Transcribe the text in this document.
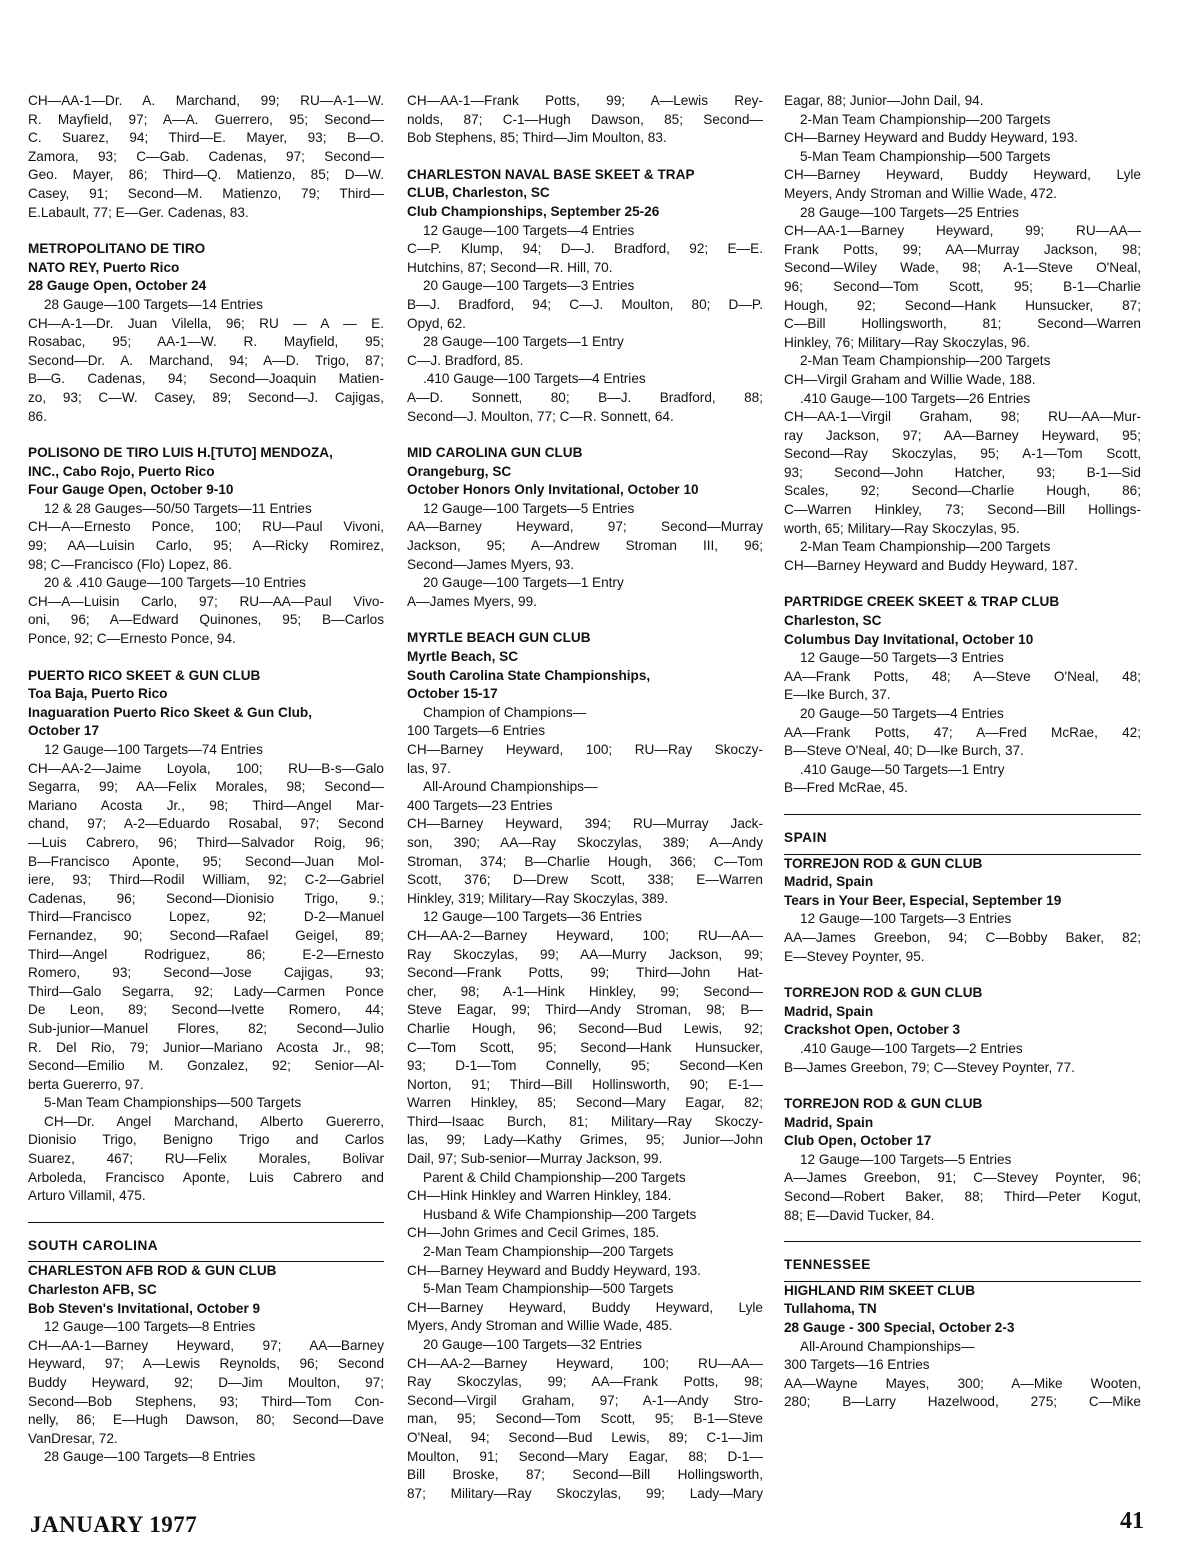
CH—AA-1—Dr. A. Marchand, 99; RU—A-1—W.
R. Mayfield, 97; A—A. Guerrero, 95; Second—
C. Suarez, 94; Third—E. Mayer, 93; B—O.
Zamora, 93; C—Gab. Cadenas, 97; Second—
Geo. Mayer, 86; Third—Q. Matienzo, 85; D—W.
Casey, 91; Second—M. Matienzo, 79; Third—
E.Labault, 77; E—Ger. Cadenas, 83.
METROPOLITANO DE TIRO
NATO REY, Puerto Rico
28 Gauge Open, October 24
28 Gauge—100 Targets—14 Entries
CH—A-1—Dr. Juan Vilella, 96; RU — A — E.
Rosabac, 95; AA-1—W. R. Mayfield, 95;
Second—Dr. A. Marchand, 94; A—D. Trigo, 87;
B—G. Cadenas, 94; Second—Joaquin Matien-
zo, 93; C—W. Casey, 89; Second—J. Cajigas,
86.
POLISONO DE TIRO LUIS H.[TUTO] MENDOZA,
INC., Cabo Rojo, Puerto Rico
Four Gauge Open, October 9-10
12 & 28 Gauges—50/50 Targets—11 Entries
CH—A—Ernesto Ponce, 100; RU—Paul Vivoni,
99; AA—Luisin Carlo, 95; A—Ricky Romirez,
98; C—Francisco (Flo) Lopez, 86.
20 & .410 Gauge—100 Targets—10 Entries
CH—A—Luisin Carlo, 97; RU—AA—Paul Vivo-
oni, 96; A—Edward Quinones, 95; B—Carlos
Ponce, 92; C—Ernesto Ponce, 94.
PUERTO RICO SKEET & GUN CLUB
Toa Baja, Puerto Rico
Inaguaration Puerto Rico Skeet & Gun Club,
October 17
12 Gauge—100 Targets—74 Entries
CH—AA-2—Jaime Loyola, 100; RU—B-s—Galo
Segarra, 99; AA—Felix Morales, 98; Second—
Mariano Acosta Jr., 98; Third—Angel Mar-
chand, 97; A-2—Eduardo Rosabal, 97; Second
—Luis Cabrero, 96; Third—Salvador Roig, 96;
B—Francisco Aponte, 95; Second—Juan Mol-
iere, 93; Third—Rodil William, 92; C-2—Gabriel
Cadenas, 96; Second—Dionisio Trigo, 9.;
Third—Francisco Lopez, 92; D-2—Manuel
Fernandez, 90; Second—Rafael Geigel, 89;
Third—Angel Rodriguez, 86; E-2—Ernesto
Romero, 93; Second—Jose Cajigas, 93;
Third—Galo Segarra, 92; Lady—Carmen Ponce
De Leon, 89; Second—Ivette Romero, 44;
Sub-junior—Manuel Flores, 82; Second—Julio
R. Del Rio, 79; Junior—Mariano Acosta Jr., 98;
Second—Emilio M. Gonzalez, 92; Senior—Al-
berta Guererro, 97.
5-Man Team Championships—500 Targets
CH—Dr. Angel Marchand, Alberto Guererro,
Dionisio Trigo, Benigno Trigo and Carlos
Suarez, 467; RU—Felix Morales, Bolivar
Arboleda, Francisco Aponte, Luis Cabrero and
Arturo Villamil, 475.
SOUTH CAROLINA
CHARLESTON AFB ROD & GUN CLUB
Charleston AFB, SC
Bob Steven's Invitational, October 9
12 Gauge—100 Targets—8 Entries
CH—AA-1—Barney Heyward, 97; AA—Barney
Heyward, 97; A—Lewis Reynolds, 96; Second
Buddy Heyward, 92; D—Jim Moulton, 97;
Second—Bob Stephens, 93; Third—Tom Con-
nelly, 86; E—Hugh Dawson, 80; Second—Dave
VanDresar, 72.
28 Gauge—100 Targets—8 Entries
CH—AA-1—Frank Potts, 99; A—Lewis Rey-
nolds, 87; C-1—Hugh Dawson, 85; Second—
Bob Stephens, 85; Third—Jim Moulton, 83.
CHARLESTON NAVAL BASE SKEET & TRAP
CLUB, Charleston, SC
Club Championships, September 25-26
12 Gauge—100 Targets—4 Entries
C—P. Klump, 94; D—J. Bradford, 92; E—E.
Hutchins, 87; Second—R. Hill, 70.
20 Gauge—100 Targets—3 Entries
B—J. Bradford, 94; C—J. Moulton, 80; D—P.
Opyd, 62.
28 Gauge—100 Targets—1 Entry
C—J. Bradford, 85.
.410 Gauge—100 Targets—4 Entries
A—D. Sonnett, 80; B—J. Bradford, 88;
Second—J. Moulton, 77; C—R. Sonnett, 64.
MID CAROLINA GUN CLUB
Orangeburg, SC
October Honors Only Invitational, October 10
12 Gauge—100 Targets—5 Entries
AA—Barney Heyward, 97; Second—Murray
Jackson, 95; A—Andrew Stroman III, 96;
Second—James Myers, 93.
20 Gauge—100 Targets—1 Entry
A—James Myers, 99.
MYRTLE BEACH GUN CLUB
Myrtle Beach, SC
South Carolina State Championships,
October 15-17
Champion of Champions—
100 Targets—6 Entries
CH—Barney Heyward, 100; RU—Ray Skoczy-
las, 97.
All-Around Championships—
400 Targets—23 Entries
CH—Barney Heyward, 394; RU—Murray Jack-
son, 390; AA—Ray Skoczylas, 389; A—Andy
Stroman, 374; B—Charlie Hough, 366; C—Tom
Scott, 376; D—Drew Scott, 338; E—Warren
Hinkley, 319; Military—Ray Skoczylas, 389.
12 Gauge—100 Targets—36 Entries
CH—AA-2—Barney Heyward, 100; RU—AA—
Ray Skoczylas, 99; AA—Murry Jackson, 99;
Second—Frank Potts, 99; Third—John Hat-
cher, 98; A-1—Hink Hinkley, 99; Second—
Steve Eagar, 99; Third—Andy Stroman, 98; B—
Charlie Hough, 96; Second—Bud Lewis, 92;
C—Tom Scott, 95; Second—Hank Hunsucker,
93; D-1—Tom Connelly, 95; Second—Ken
Norton, 91; Third—Bill Hollinsworth, 90; E-1—
Warren Hinkley, 85; Second—Mary Eagar, 82;
Third—Isaac Burch, 81; Military—Ray Skoczy-
las, 99; Lady—Kathy Grimes, 95; Junior—John
Dail, 97; Sub-senior—Murray Jackson, 99.
Parent & Child Championship—200 Targets
CH—Hink Hinkley and Warren Hinkley, 184.
Husband & Wife Championship—200 Targets
CH—John Grimes and Cecil Grimes, 185.
2-Man Team Championship—200 Targets
CH—Barney Heyward and Buddy Heyward, 193.
5-Man Team Championship—500 Targets
CH—Barney Heyward, Buddy Heyward, Lyle
Myers, Andy Stroman and Willie Wade, 485.
20 Gauge—100 Targets—32 Entries
CH—AA-2—Barney Heyward, 100; RU—AA—
Ray Skoczylas, 99; AA—Frank Potts, 98;
Second—Virgil Graham, 97; A-1—Andy Stro-
man, 95; Second—Tom Scott, 95; B-1—Steve
O'Neal, 94; Second—Bud Lewis, 89; C-1—Jim
Moulton, 91; Second—Mary Eagar, 88; D-1—
Bill Broske, 87; Second—Bill Hollingsworth,
87; Military—Ray Skoczylas, 99; Lady—Mary
Eagar, 88; Junior—John Dail, 94.
2-Man Team Championship—200 Targets
CH—Barney Heyward and Buddy Heyward, 193.
5-Man Team Championship—500 Targets
CH—Barney Heyward, Buddy Heyward, Lyle
Meyers, Andy Stroman and Willie Wade, 472.
28 Gauge—100 Targets—25 Entries
CH—AA-1—Barney Heyward, 99; RU—AA—
Frank Potts, 99; AA—Murray Jackson, 98;
Second—Wiley Wade, 98; A-1—Steve O'Neal,
96; Second—Tom Scott, 95; B-1—Charlie
Hough, 92; Second—Hank Hunsucker, 87;
C—Bill Hollingsworth, 81; Second—Warren
Hinkley, 76; Military—Ray Skoczylas, 96.
2-Man Team Championship—200 Targets
CH—Virgil Graham and Willie Wade, 188.
.410 Gauge—100 Targets—26 Entries
CH—AA-1—Virgil Graham, 98; RU—AA—Mur-
ray Jackson, 97; AA—Barney Heyward, 95;
Second—Ray Skoczylas, 95; A-1—Tom Scott,
93; Second—John Hatcher, 93; B-1—Sid
Scales, 92; Second—Charlie Hough, 86;
C—Warren Hinkley, 73; Second—Bill Hollings-
worth, 65; Military—Ray Skoczylas, 95.
2-Man Team Championship—200 Targets
CH—Barney Heyward and Buddy Heyward, 187.
PARTRIDGE CREEK SKEET & TRAP CLUB
Charleston, SC
Columbus Day Invitational, October 10
12 Gauge—50 Targets—3 Entries
AA—Frank Potts, 48; A—Steve O'Neal, 48;
E—Ike Burch, 37.
20 Gauge—50 Targets—4 Entries
AA—Frank Potts, 47; A—Fred McRae, 42;
B—Steve O'Neal, 40; D—Ike Burch, 37.
.410 Gauge—50 Targets—1 Entry
B—Fred McRae, 45.
SPAIN
TORREJON ROD & GUN CLUB
Madrid, Spain
Tears in Your Beer, Especial, September 19
12 Gauge—100 Targets—3 Entries
AA—James Greebon, 94; C—Bobby Baker, 82;
E—Stevey Poynter, 95.
TORREJON ROD & GUN CLUB
Madrid, Spain
Crackshot Open, October 3
.410 Gauge—100 Targets—2 Entries
B—James Greebon, 79; C—Stevey Poynter, 77.
TORREJON ROD & GUN CLUB
Madrid, Spain
Club Open, October 17
12 Gauge—100 Targets—5 Entries
A—James Greebon, 91; C—Stevey Poynter, 96;
Second—Robert Baker, 88; Third—Peter Kogut,
88; E—David Tucker, 84.
TENNESSEE
HIGHLAND RIM SKEET CLUB
Tullahoma, TN
28 Gauge - 300 Special, October 2-3
All-Around Championships—
300 Targets—16 Entries
AA—Wayne Mayes, 300; A—Mike Wooten,
280; B—Larry Hazelwood, 275; C—Mike
JANUARY 1977	41
